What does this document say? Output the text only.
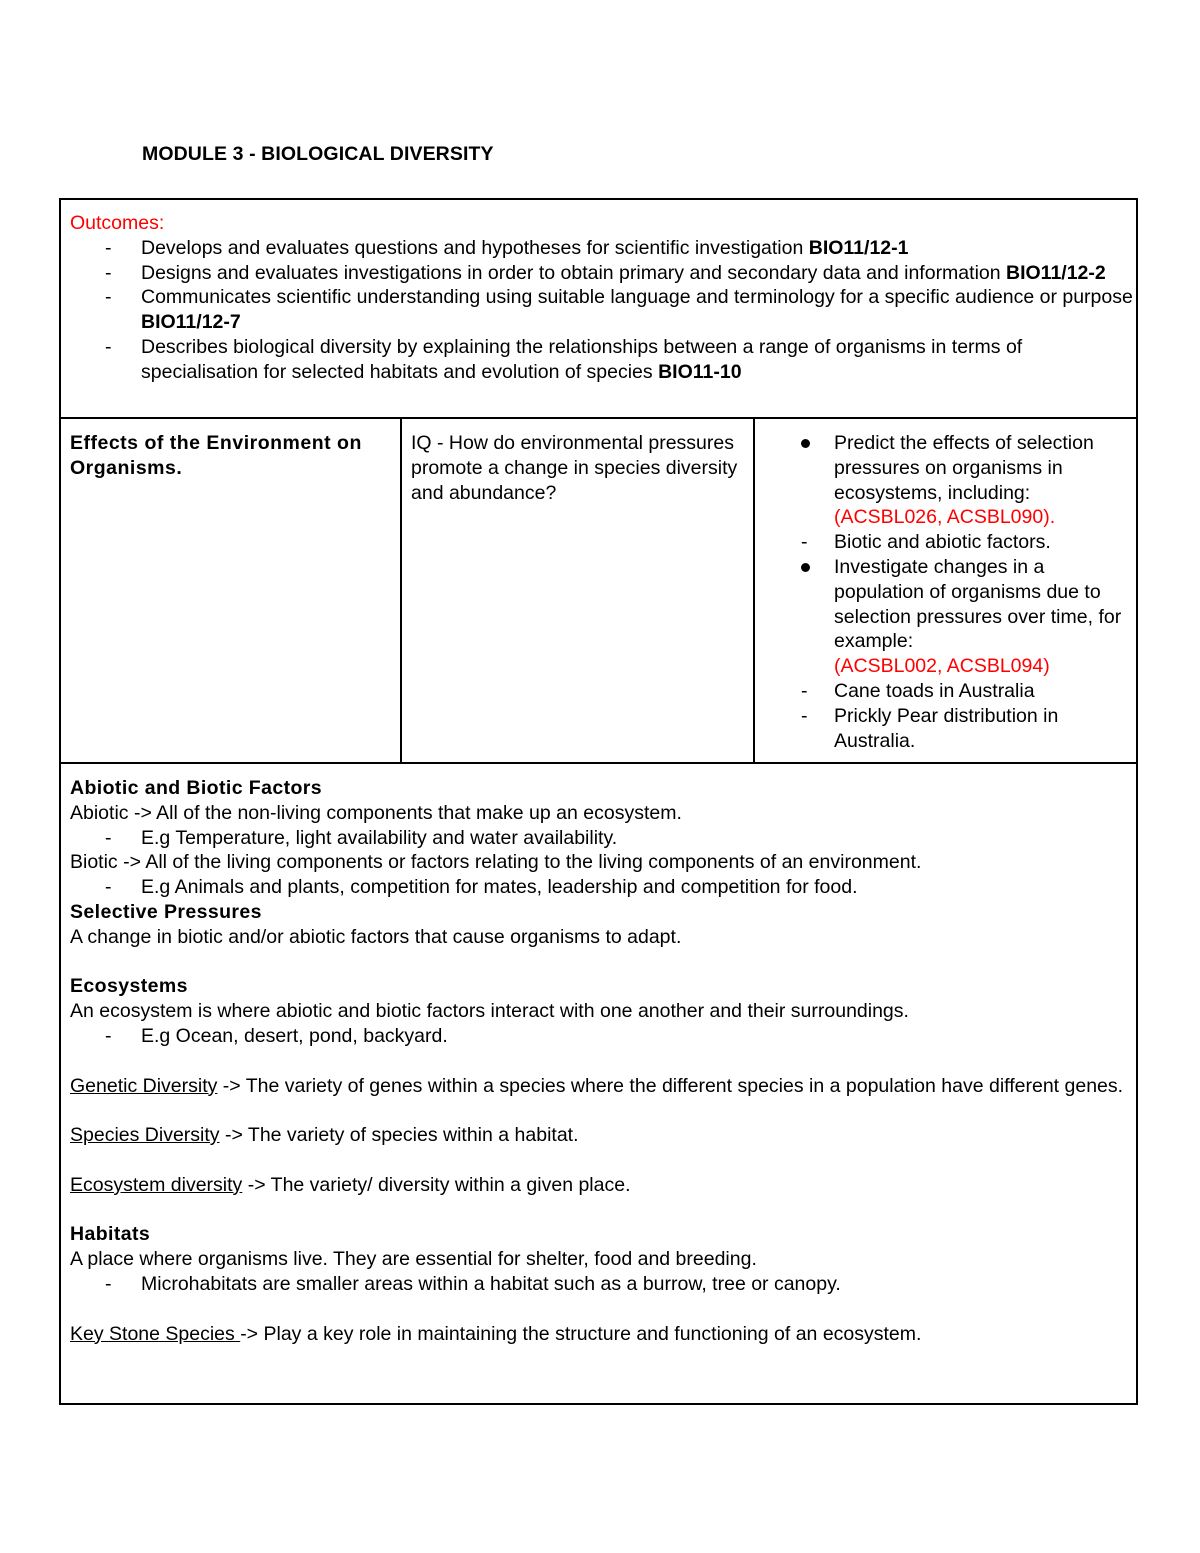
MODULE 3 - BIOLOGICAL DIVERSITY
Outcomes:
- Develops and evaluates questions and hypotheses for scientific investigation BIO11/12-1
- Designs and evaluates investigations in order to obtain primary and secondary data and information BIO11/12-2
- Communicates scientific understanding using suitable language and terminology for a specific audience or purpose BIO11/12-7
- Describes biological diversity by explaining the relationships between a range of organisms in terms of specialisation for selected habitats and evolution of species BIO11-10
Effects of the Environment on Organisms.
IQ - How do environmental pressures promote a change in species diversity and abundance?
Predict the effects of selection pressures on organisms in ecosystems, including:
(ACSBL026, ACSBL090).
- Biotic and abiotic factors.
Investigate changes in a population of organisms due to selection pressures over time, for example:
(ACSBL002, ACSBL094)
- Cane toads in Australia
- Prickly Pear distribution in Australia.

Abiotic and Biotic Factors

Abiotic -> All of the non-living components that make up an ecosystem.

- E.g Temperature, light availability and water availability.

Biotic -> All of the living components or factors relating to the living components of an environment.

- E.g Animals and plants, competition for mates, leadership and competition for food.

Selective Pressures

A change in biotic and/or abiotic factors that cause organisms to adapt.

Ecosystems

An ecosystem is where abiotic and biotic factors interact with one another and their surroundings.

- E.g Ocean, desert, pond, backyard.

Genetic Diversity -> The variety of genes within a species where the different species in a population have different genes.

Species Diversity -> The variety of species within a habitat.

Ecosystem diversity -> The variety/ diversity within a given place.

Habitats

A place where organisms live. They are essential for shelter, food and breeding.

- Microhabitats are smaller areas within a habitat such as a burrow, tree or canopy.

Key Stone Species -> Play a key role in maintaining the structure and functioning of an ecosystem.
